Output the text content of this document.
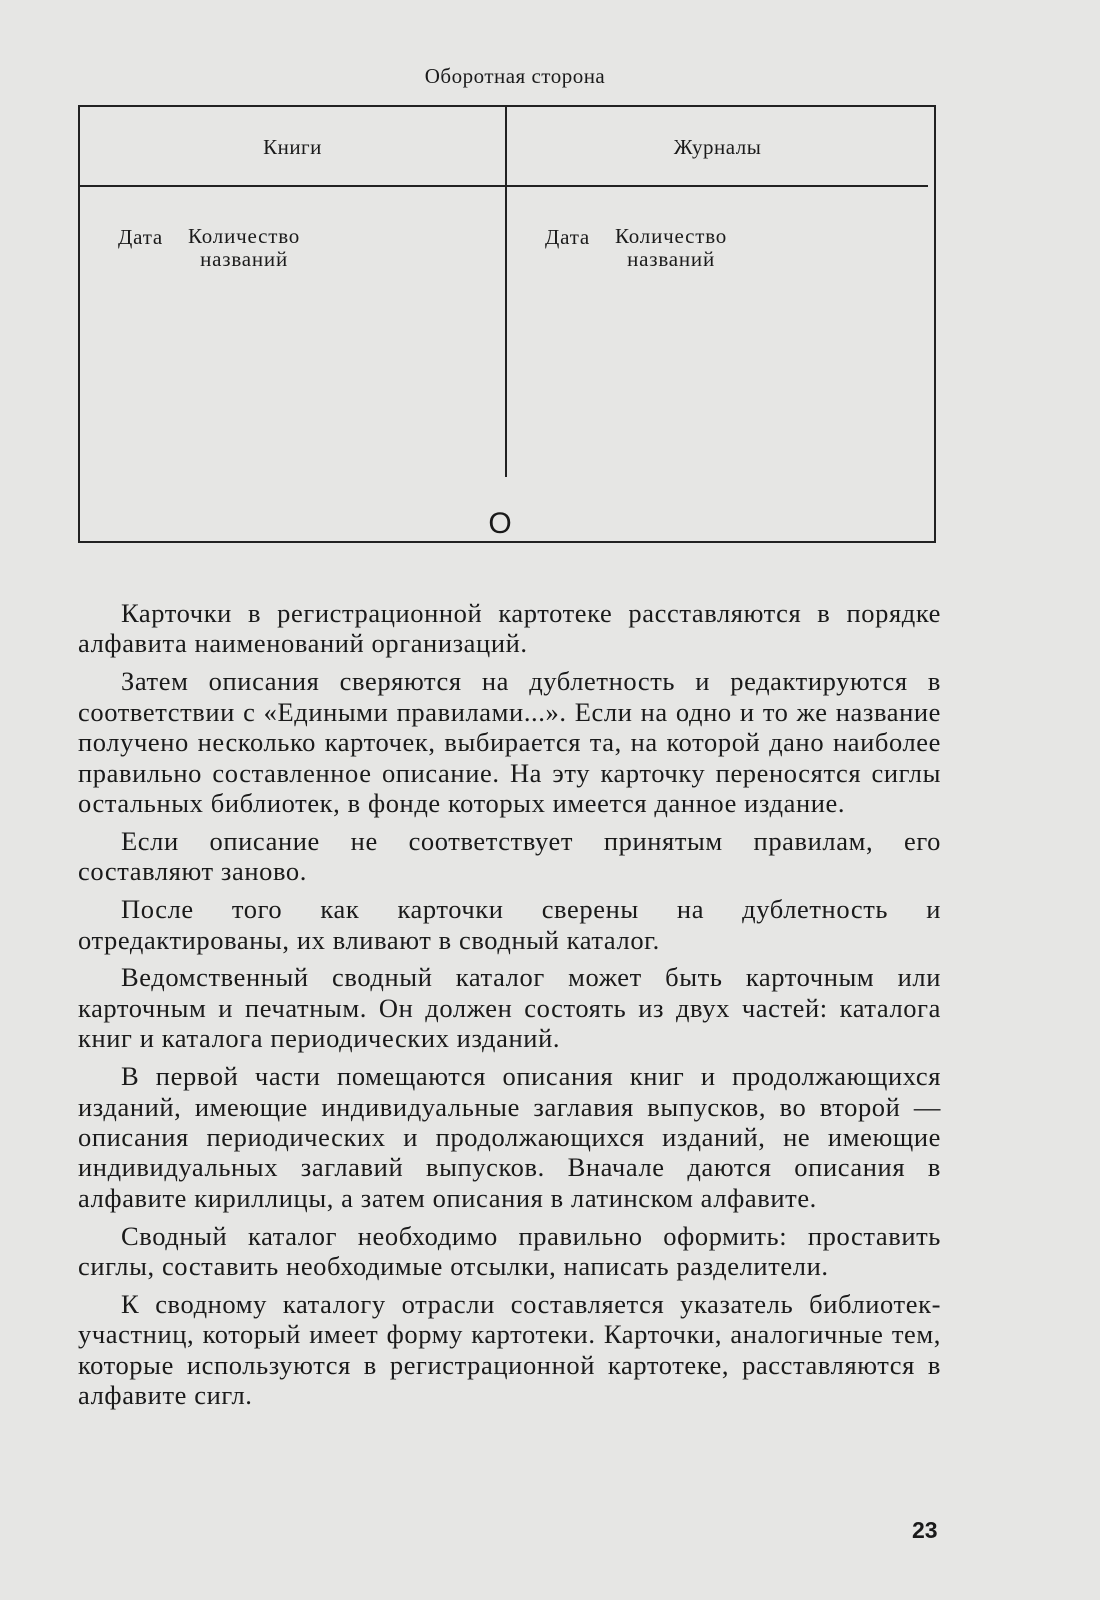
Оборотная сторона
Книги	Журналы
Дата Количество
названий
Дата Количество
названий
О

Карточки в регистрационной картотеке расставляются в порядке алфавита наименований организаций.

Затем описания сверяются на дублетность и редактируются в соответствии с «Едиными правилами...». Если на одно и то же название получено несколько карточек, выбирается та, на которой дано наиболее правильно составленное описание. На эту карточку переносятся сиглы остальных библиотек, в фонде которых имеется данное издание.

Если описание не соответствует принятым правилам, его составляют заново.

После того как карточки сверены на дублетность и отредактированы, их вливают в сводный каталог.

Ведомственный сводный каталог может быть карточным или карточным и печатным. Он должен состоять из двух частей: каталога книг и каталога периодических изданий.

В первой части помещаются описания книг и продолжающихся изданий, имеющие индивидуальные заглавия выпусков, во второй — описания периодических и продолжающихся изданий, не имеющие индивидуальных заглавий выпусков. Вначале даются описания в алфавите кириллицы, а затем описания в латинском алфавите.

Сводный каталог необходимо правильно оформить: проставить сиглы, составить необходимые отсылки, написать разделители.

К сводному каталогу отрасли составляется указатель библиотек-участниц, который имеет форму картотеки. Карточки, аналогичные тем, которые используются в регистрационной картотеке, расставляются в алфавите сигл.

23
